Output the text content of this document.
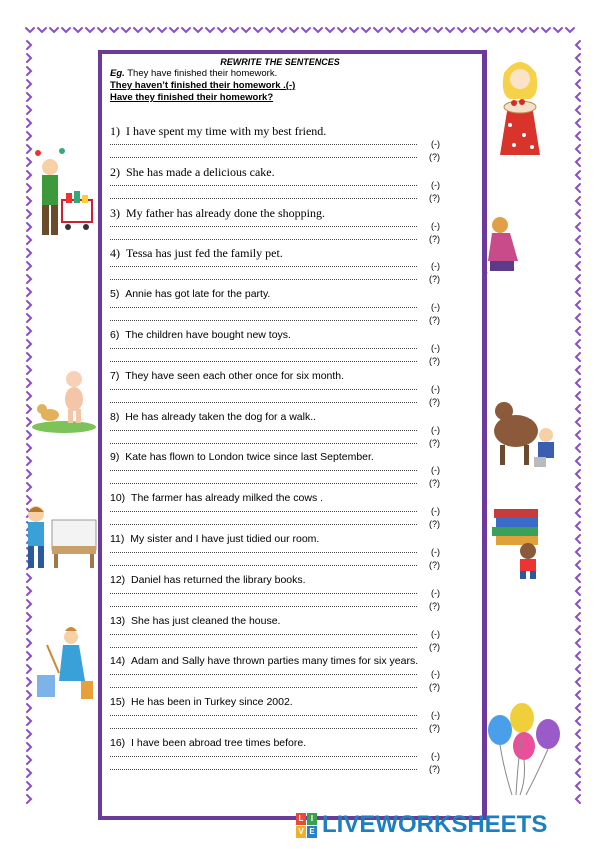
REWRITE THE SENTENCES
Eg. They have finished their homework.
They haven’t finished their homework .(-)
Have they finished their homework?
1) I have spent my time with my best friend.
(-)
(?)
2) She has made a delicious cake.
(-)
(?)
3) My father has already done the shopping.
(-)
(?)
4) Tessa has just fed the family pet.
(-)
(?)
5) Annie has got late for the party.
(-)
(?)
6) The children have bought new toys.
(-)
(?)
7) They have seen each other once for six month.
(-)
(?)
8) He has already taken the dog for a walk..
(-)
(?)
9) Kate has flown to London twice since last September.
(-)
(?)
10) The farmer has already milked the cows .
(-)
(?)
11) My sister and I have just tidied our room.
(-)
(?)
12) Daniel has returned the library books.
(-)
(?)
13) She has just cleaned the house.
(-)
(?)
14) Adam and Sally have thrown parties many times for six years.
(-)
(?)
15) He has been in Turkey since 2002.
(-)
(?)
16) I have been abroad tree times before.
(-)
(?)
L I
V E LIVEWORKSHEETS
